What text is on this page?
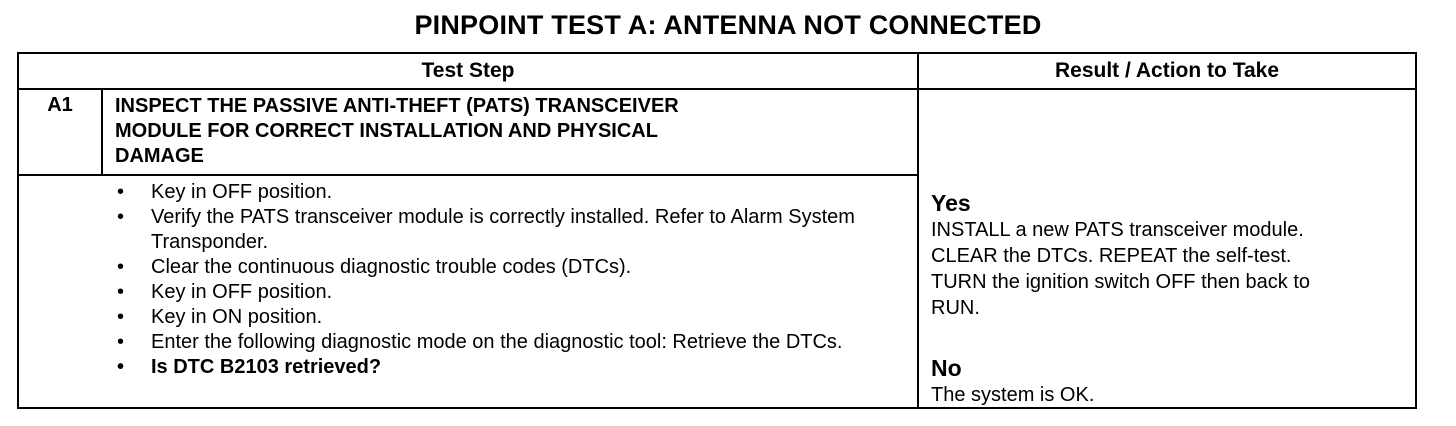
PINPOINT TEST A: ANTENNA NOT CONNECTED
Test Step	Result / Action to Take
A1	INSPECT THE PASSIVE ANTI-THEFT (PATS) TRANSCEIVER
MODULE FOR CORRECT INSTALLATION AND PHYSICAL
DAMAGE
• Key in OFF position.
• Verify the PATS transceiver module is correctly installed. Refer to Alarm System Transponder.
• Clear the continuous diagnostic trouble codes (DTCs).
• Key in OFF position.
• Key in ON position.
• Enter the following diagnostic mode on the diagnostic tool: Retrieve the DTCs.
• Is DTC B2103 retrieved?
Yes
INSTALL a new PATS transceiver module.
CLEAR the DTCs. REPEAT the self-test.
TURN the ignition switch OFF then back to
RUN.
No
The system is OK.
